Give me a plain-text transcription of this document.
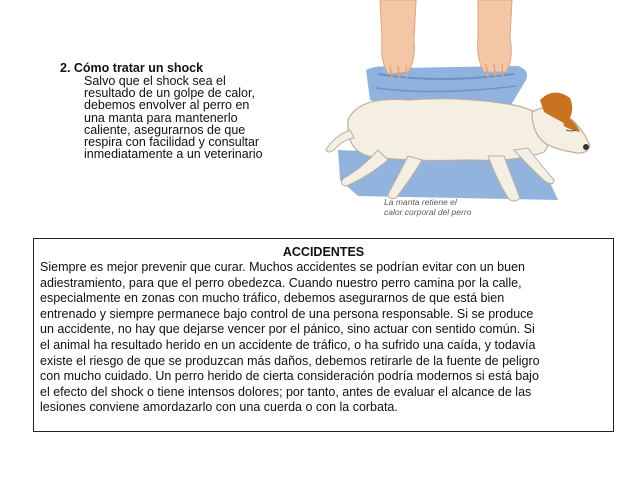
2. Cómo tratar un shock
Salvo que el shock sea el
resultado de un golpe de calor,
debemos envolver al perro en
una manta para mantenerlo
caliente, asegurarnos de que
respira con facilidad y consultar
inmediatamente a un veterinario
La manta retiene el
calor corporal del perro
ACCIDENTES
Siempre es mejor prevenir que curar. Muchos accidentes se podrían evitar con un buen
adiestramiento, para que el perro obedezca. Cuando nuestro perro camina por la calle,
especialmente en zonas con mucho tráfico, debemos asegurarnos de que está bien
entrenado y siempre permanece bajo control de una persona responsable. Si se produce
un accidente, no hay que dejarse vencer por el pánico, sino actuar con sentido común. Si
el animal ha resultado herido en un accidente de tráfico, o ha sufrido una caída, y todavía
existe el riesgo de que se produzcan más daños, debemos retirarle de la fuente de peligro
con mucho cuidado. Un perro herido de cierta consideración podría modernos si está bajo
el efecto del shock o tiene intensos dolores; por tanto, antes de evaluar el alcance de las
lesiones conviene amordazarlo con una cuerda o con la corbata.
